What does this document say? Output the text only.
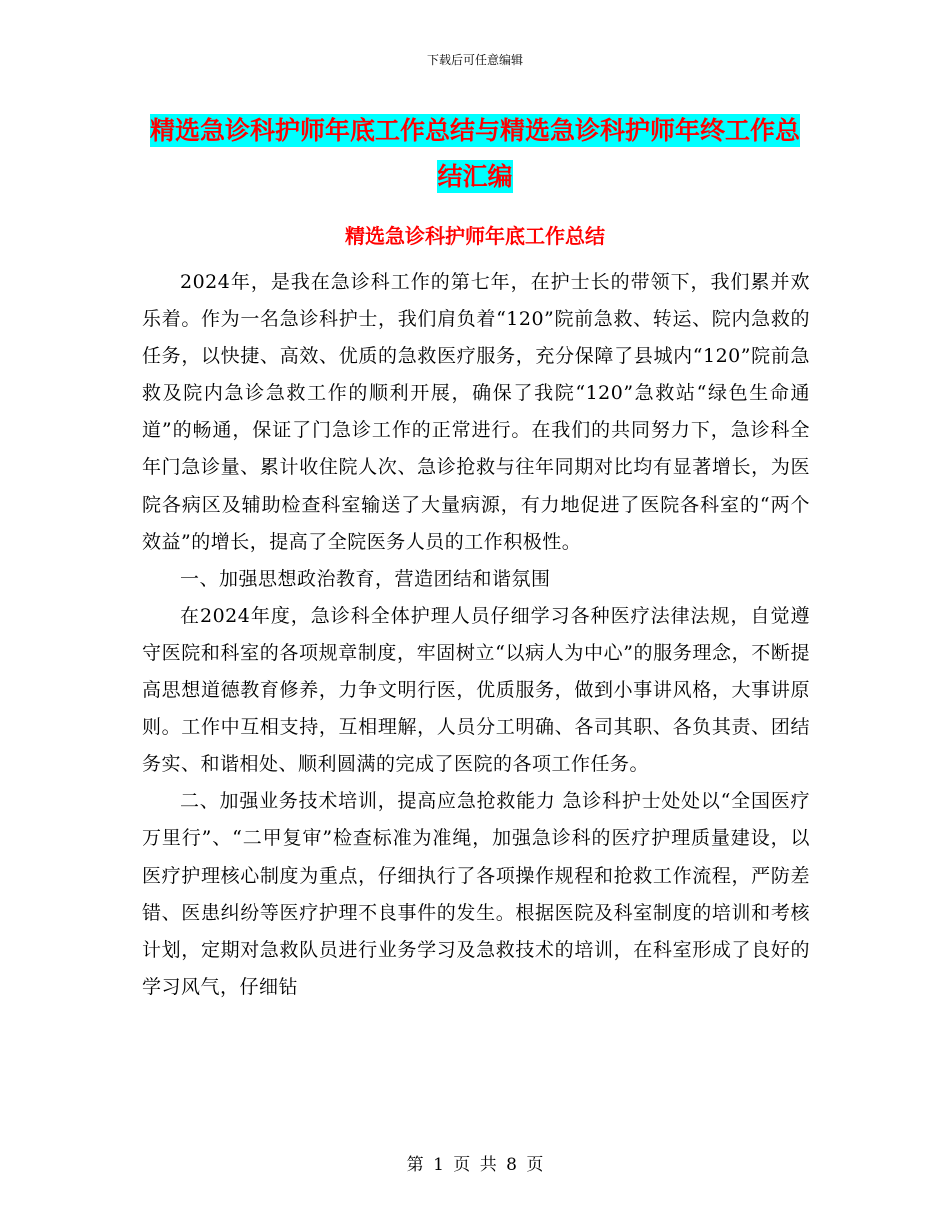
下载后可任意编辑
精选急诊科护师年底工作总结与精选急诊科护师年终工作总结汇编
精选急诊科护师年底工作总结

2024年，是我在急诊科工作的第七年，在护士长的带领下，我们累并欢乐着。作为一名急诊科护士，我们肩负着“120”院前急救、转运、院内急救的任务，以快捷、高效、优质的急救医疗服务，充分保障了县城内“120”院前急救及院内急诊急救工作的顺利开展，确保了我院“120”急救站“绿色生命通道”的畅通，保证了门急诊工作的正常进行。在我们的共同努力下，急诊科全年门急诊量、累计收住院人次、急诊抢救与往年同期对比均有显著增长，为医院各病区及辅助检查科室输送了大量病源，有力地促进了医院各科室的“两个效益”的增长，提高了全院医务人员的工作积极性。

一、加强思想政治教育，营造团结和谐氛围

在2024年度，急诊科全体护理人员仔细学习各种医疗法律法规，自觉遵守医院和科室的各项规章制度，牢固树立“以病人为中心”的服务理念，不断提高思想道德教育修养，力争文明行医，优质服务，做到小事讲风格，大事讲原则。工作中互相支持，互相理解，人员分工明确、各司其职、各负其责、团结务实、和谐相处、顺利圆满的完成了医院的各项工作任务。

二、加强业务技术培训，提高应急抢救能力 急诊科护士处处以“全国医疗万里行”、“二甲复审”检查标准为准绳，加强急诊科的医疗护理质量建设，以医疗护理核心制度为重点，仔细执行了各项操作规程和抢救工作流程，严防差错、医患纠纷等医疗护理不良事件的发生。根据医院及科室制度的培训和考核计划，定期对急救队员进行业务学习及急救技术的培训，在科室形成了良好的学习风气，仔细钻

第 1 页 共 8 页
